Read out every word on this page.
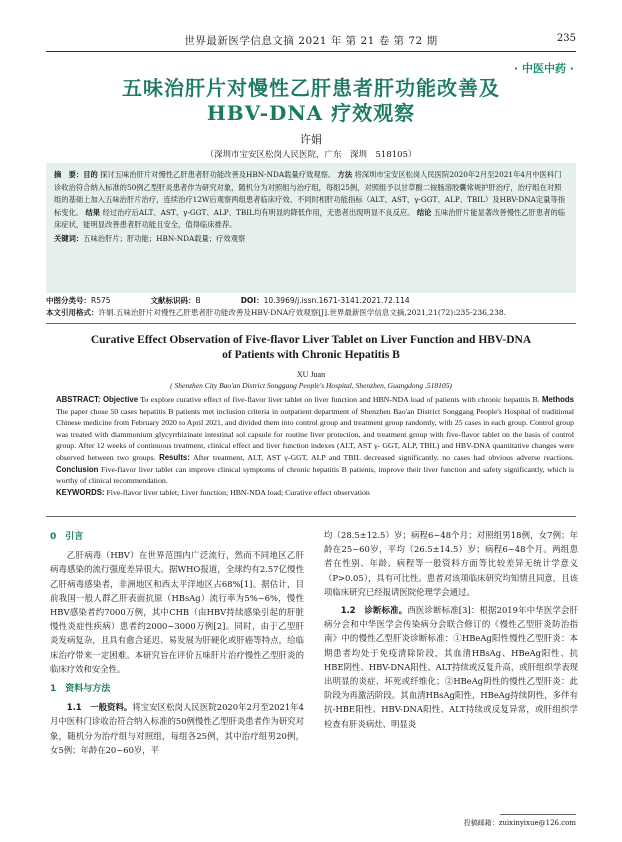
世界最新医学信息文摘 2021 年 第 21 卷 第 72 期	235
· 中医中药 ·
五味治肝片对慢性乙肝患者肝功能改善及
HBV-DNA 疗效观察
许娟
（深圳市宝安区松岗人民医院，广东　深圳　518105）
摘　要：目的 探讨五味治肝片对慢性乙肝患者肝功能改善及HBN-NDA载量疗效观察。 方法 将深圳市宝安区松岗人民医院2020年2月至2021年4月中医科门诊收治符合纳入标准的50例乙型肝炎患者作为研究对象，随机分为对照组与治疗组，每组25例，对照组予以甘草酸二铵肠溶胶囊常规护肝治疗，治疗组在对照组的基础上加入五味治肝片治疗，连续治疗12W后观察两组患者临床疗效、不同时相肝功能指标（ALT、AST、γ-GGT、ALP、TBIL）及HBV-DNA定量等指标变化。 结果 经过治疗后ALT、AST、γ-GGT、ALP、TBIL均有明显的降低作用，无患者出现明显不良反应。 结论 五味治肝片能显著改善慢性乙肝患者的临床症状，能明显改善患者肝功能且安全，值得临床推荐。
关键词：五味治肝片；肝功能；HBN-NDA载量；疗效观察
中图分类号：R575	文献标识码：B	DOI：10.3969/j.issn.1671-3141.2021.72.114
本文引用格式：许娟.五味治肝片对慢性乙肝患者肝功能改善及HBV-DNA疗效观察[J].世界最新医学信息文摘,2021,21(72):235-236,238.
Curative Effect Observation of Five-flavor Liver Tablet on Liver Function and HBV-DNA
of Patients with Chronic Hepatitis B
XU Juan
( Shenzhen City Bao'an District Songgang People's Hospital, Shenzhen, Guangdong ,518105)
ABSTRACT: Objective To explore curative effect of five-flavor liver tablet on liver function and HBN-NDA load of patients with chronic hepatitis B. Methods The paper chose 50 cases hepatitis B patients met inclusion criteria in outpatient department of Shenzhen Bao'an District Songgang People's Hospital of traditional Chinese medicine from February 2020 to April 2021, and divided them into control group and treatment group randomly, with 25 cases in each group. Control group was treated with diammonium glycyrrhizinate intestinal sol capsule for routine liver protection, and treatment group with five-flavor tablet on the basis of control group. After 12 weeks of continuous treatment, clinical effect and liver function indexes (ALT, AST γ- GGT, ALP, TBIL) and HBV-DNA quantitative changes were observed between two groups. Results: After treatment, ALT, AST γ-GGT, ALP and TBIL decreased significantly, no cases had obvious adverse reactions. Conclusion Five-flavor liver tablet can improve clinical symptoms of chronic hepatitis B patients, improve their liver function and safety significantly, which is worthy of clinical recommendation.
KEYWORDS: Five-flavor liver tablet; Liver function; HBN-NDA load; Curative effect observation
0　引言
乙肝病毒（HBV）在世界范围内广泛流行，然而不同地区乙肝病毒感染的流行强度差异很大。据WHO报道，全球约有2.57亿慢性乙肝病毒感染者，非洲地区和西太平洋地区占68%[1]。据估计，目前我国一般人群乙肝表面抗原（HBsAg）流行率为5%~6%，慢性HBV感染者约7000万例，其中CHB（由HBV持续感染引起的肝脏慢性炎症性疾病）患者约2000~3000万例[2]。同时，由于乙型肝炎发病复杂，且具有愈合延迟、易发展为肝硬化或肝癌等特点，给临床治疗带来一定困难。本研究旨在评价五味肝片治疗慢性乙型肝炎的临床疗效和安全性。
1　资料与方法
1.1　一般资料。将宝安区松岗人民医院2020年2月至2021年4月中医科门诊收治符合纳入标准的50例慢性乙型肝炎患者作为研究对象，随机分为治疗组与对照组，每组各25例，其中治疗组男20例，女5例；年龄在20~60岁，平
均（28.5±12.5）岁；病程6~48个月；对照组男18例，女7例；年龄在25~60岁，平均（26.5±14.5）岁；病程6~48个月。两组患者在性别、年龄、病程等一般资料方面等比较差异无统计学意义（P>0.05），具有可比性。患者对该项临床研究均知情且同意，且该项临床研究已经报请医院伦理学会通过。
1.2　诊断标准。西医诊断标准[3]：根据2019年中华医学会肝病分会和中华医学会传染病分会联合修订的《慢性乙型肝炎防治指南》中的慢性乙型肝炎诊断标准：①HBeAg阳性慢性乙型肝炎：本期患者均处于免疫清除阶段，其血清HBsAg、HBeAg阳性、抗HBE阴性、HBV-DNA阳性、ALT持续或反复升高，或肝组织学表现出明显的炎症、坏死或纤维化；②HBeAg阴性的慢性乙型肝炎：此阶段为再激活阶段。其血清HBsAg阳性，HBeAg持续阴性，多伴有抗-HBE阳性、HBV-DNA阳性、ALT持续或反复异常，或肝组织学检查有肝炎病灶、明显炎
投稿邮箱：zuixinyixue@126.com
